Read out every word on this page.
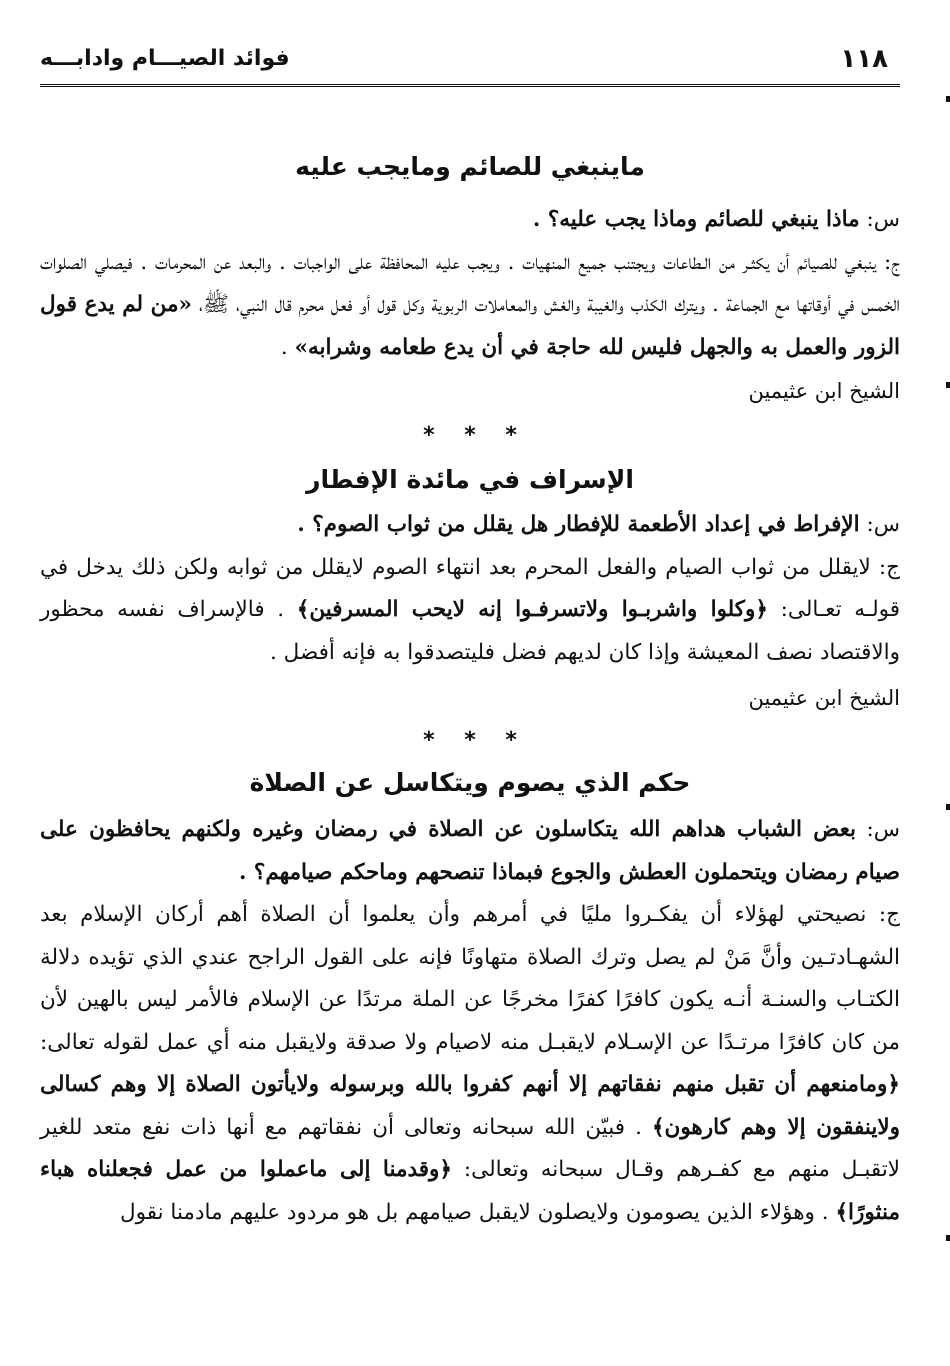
١١٨
فوائد الصيـــام وادابـــه
ماينبغي للصائم ومايجب عليه

س: ماذا ينبغي للصائم وماذا يجب عليه؟ .

ج: ينبغي للصيائم أن يكثـر من الـطاعات ويجتنب جميع المنهيات . ويجب عليه المحافظة على الواجبات . والبعد عن المحرمات . فيصلي الصلوات الخمس في أوقاتها مع الجماعة . ويترك الكذب والغيبة والغش والمعاملات الربوية وكل قول أو فعل محرم قال النبي، ﷺ، «من لم يدع قول الزور والعمل به والجهل فليس لله حاجة في أن يدع طعامه وشرابه» .

الشيخ ابن عثيمين

* * *
الإسراف في مائدة الإفطار

س: الإفراط في إعداد الأطعمة للإفطار هل يقلل من ثواب الصوم؟ .

ج: لايقلل من ثواب الصيام والفعل المحرم بعد انتهاء الصوم لايقلل من ثوابه ولكن ذلك يدخل في قولـه تعـالى: ﴿وكلوا واشربـوا ولاتسرفـوا إنه لايحب المسرفين﴾ . فالإسراف نفسه محظور والاقتصاد نصف المعيشة وإذا كان لديهم فضل فليتصدقوا به فإنه أفضل .

الشيخ ابن عثيمين

* * *
حكم الذي يصوم ويتكاسل عن الصلاة

س: بعض الشباب هداهم الله يتكاسلون عن الصلاة في رمضان وغيره ولكنهم يحافظون على صيام رمضان ويتحملون العطش والجوع فبماذا تنصحهم وماحكم صيامهم؟ .

ج: نصيحتي لهؤلاء أن يفكـروا مليًا في أمرهم وأن يعلموا أن الصلاة أهم أركان الإسلام بعد الشهـادتـين وأنَّ مَنْ لم يصل وترك الصلاة متهاونًا فإنه على القول الراجح عندي الذي تؤيده دلالة الكتـاب والسنـة أنـه يكون كافرًا كفرًا مخرجًا عن الملة مرتدًا عن الإسلام فالأمر ليس بالهين لأن من كان كافرًا مرتـدًا عن الإسـلام لايقبـل منه لاصيام ولا صدقة ولايقبل منه أي عمل لقوله تعالى: ﴿ومامنعهم أن تقبل منهم نفقاتهم إلا أنهم كفروا بالله وبرسوله ولايأتون الصلاة إلا وهم كسالى ولاينفقون إلا وهم كارهون﴾ . فبيّن الله سبحانه وتعالى أن نفقاتهم مع أنها ذات نفع متعد للغير لاتقبـل منهم مع كفـرهم وقـال سبحانه وتعالى: ﴿وقدمنا إلى ماعملوا من عمل فجعلناه هباء منثورًا﴾ . وهؤلاء الذين يصومون ولايصلون لايقبل صيامهم بل هو مردود عليهم مادمنا نقول
